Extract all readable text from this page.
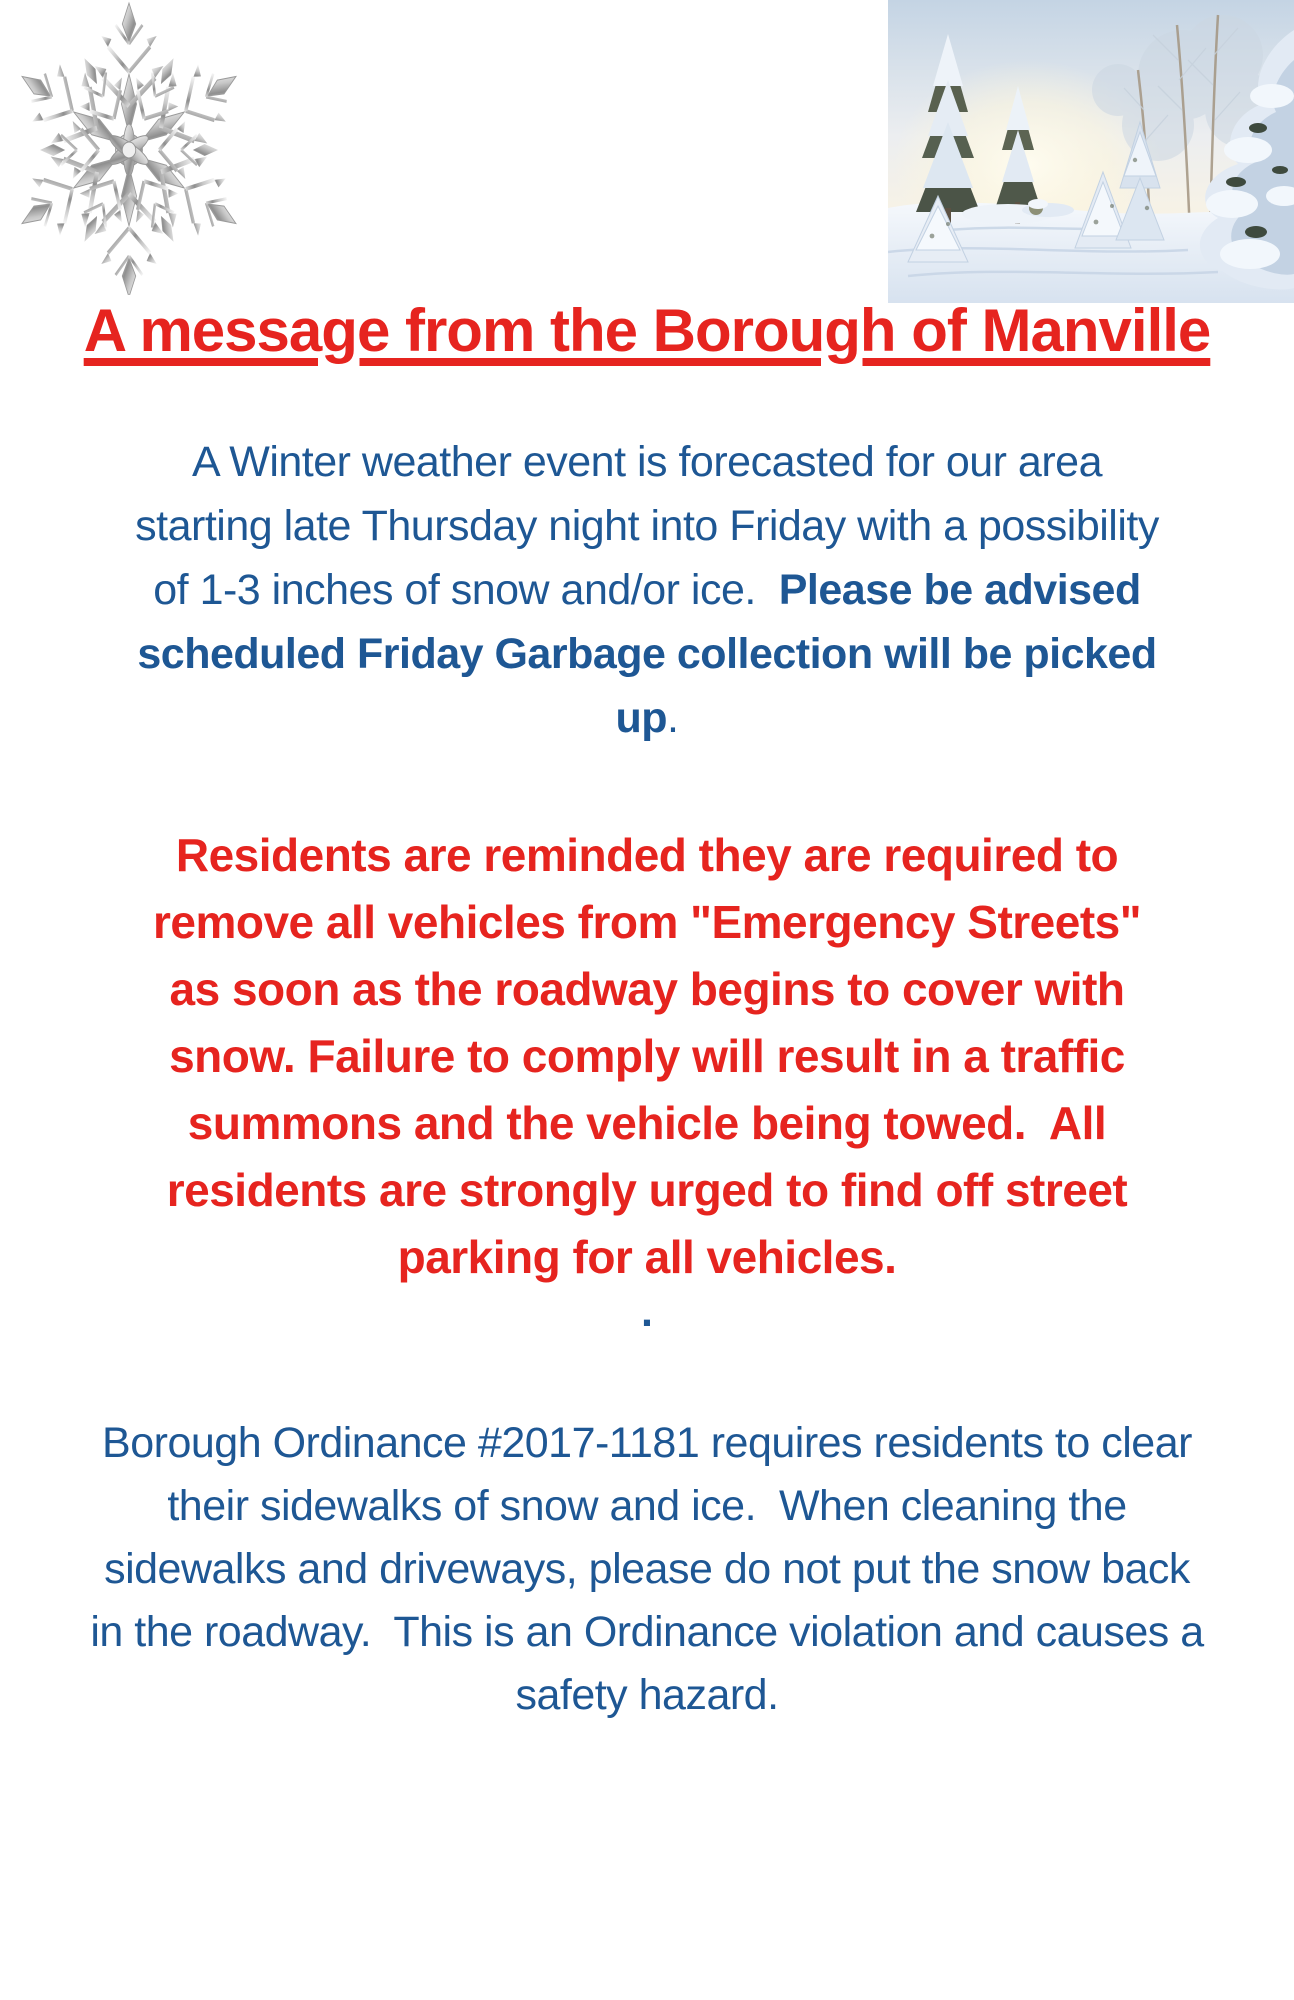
A message from the Borough of Manville
A Winter weather event is forecasted for our area
starting late Thursday night into Friday with a possibility
of 1-3 inches of snow and/or ice.  Please be advised
scheduled Friday Garbage collection will be picked
up.
Residents are reminded they are required to
remove all vehicles from "Emergency Streets"
as soon as the roadway begins to cover with
snow. Failure to comply will result in a traffic
summons and the vehicle being towed.  All
residents are strongly urged to find off street
parking for all vehicles.
.
Borough Ordinance #2017-1181 requires residents to clear
their sidewalks of snow and ice.  When cleaning the
sidewalks and driveways, please do not put the snow back
in the roadway.  This is an Ordinance violation and causes a
safety hazard.
